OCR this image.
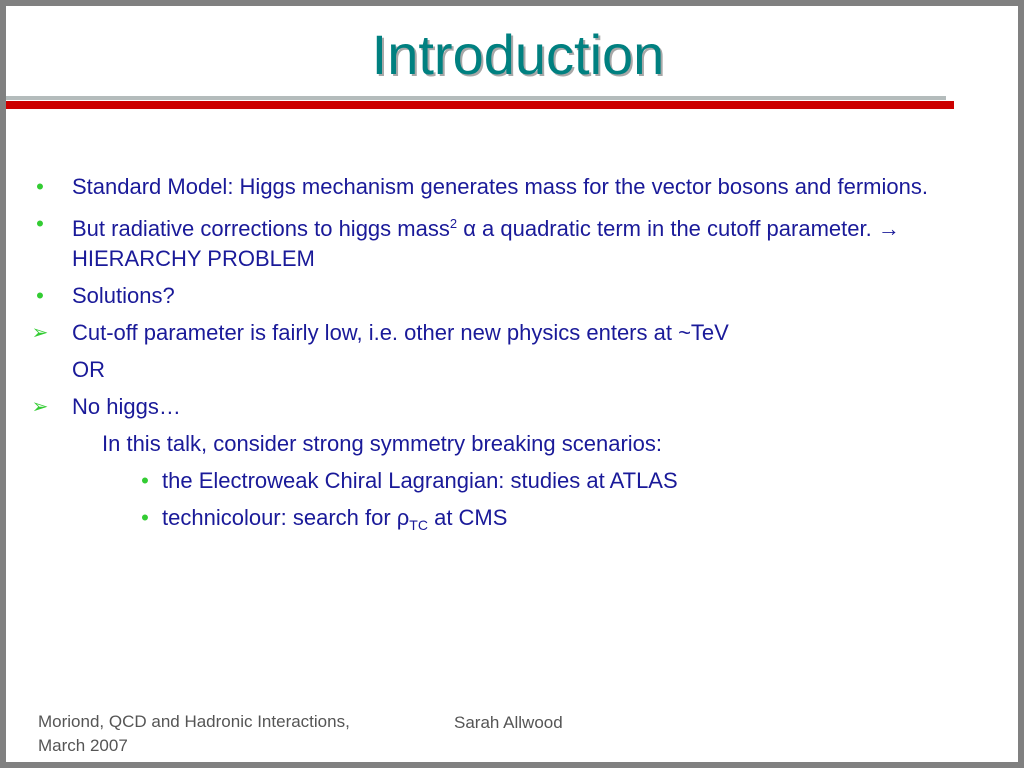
Introduction
• Standard Model: Higgs mechanism generates mass for the vector bosons and fermions.
• But radiative corrections to higgs mass$^2$ α a quadratic term in the cutoff parameter. → HIERARCHY PROBLEM
• Solutions?
➢ Cut-off parameter is fairly low, i.e. other new physics enters at ~TeV
OR
➢ No higgs…
In this talk, consider strong symmetry breaking scenarios:
• the Electroweak Chiral Lagrangian: studies at ATLAS
• technicolour: search for $\rho_{TC}$ at CMS
Moriond, QCD and Hadronic Interactions,
March 2007
Sarah Allwood
